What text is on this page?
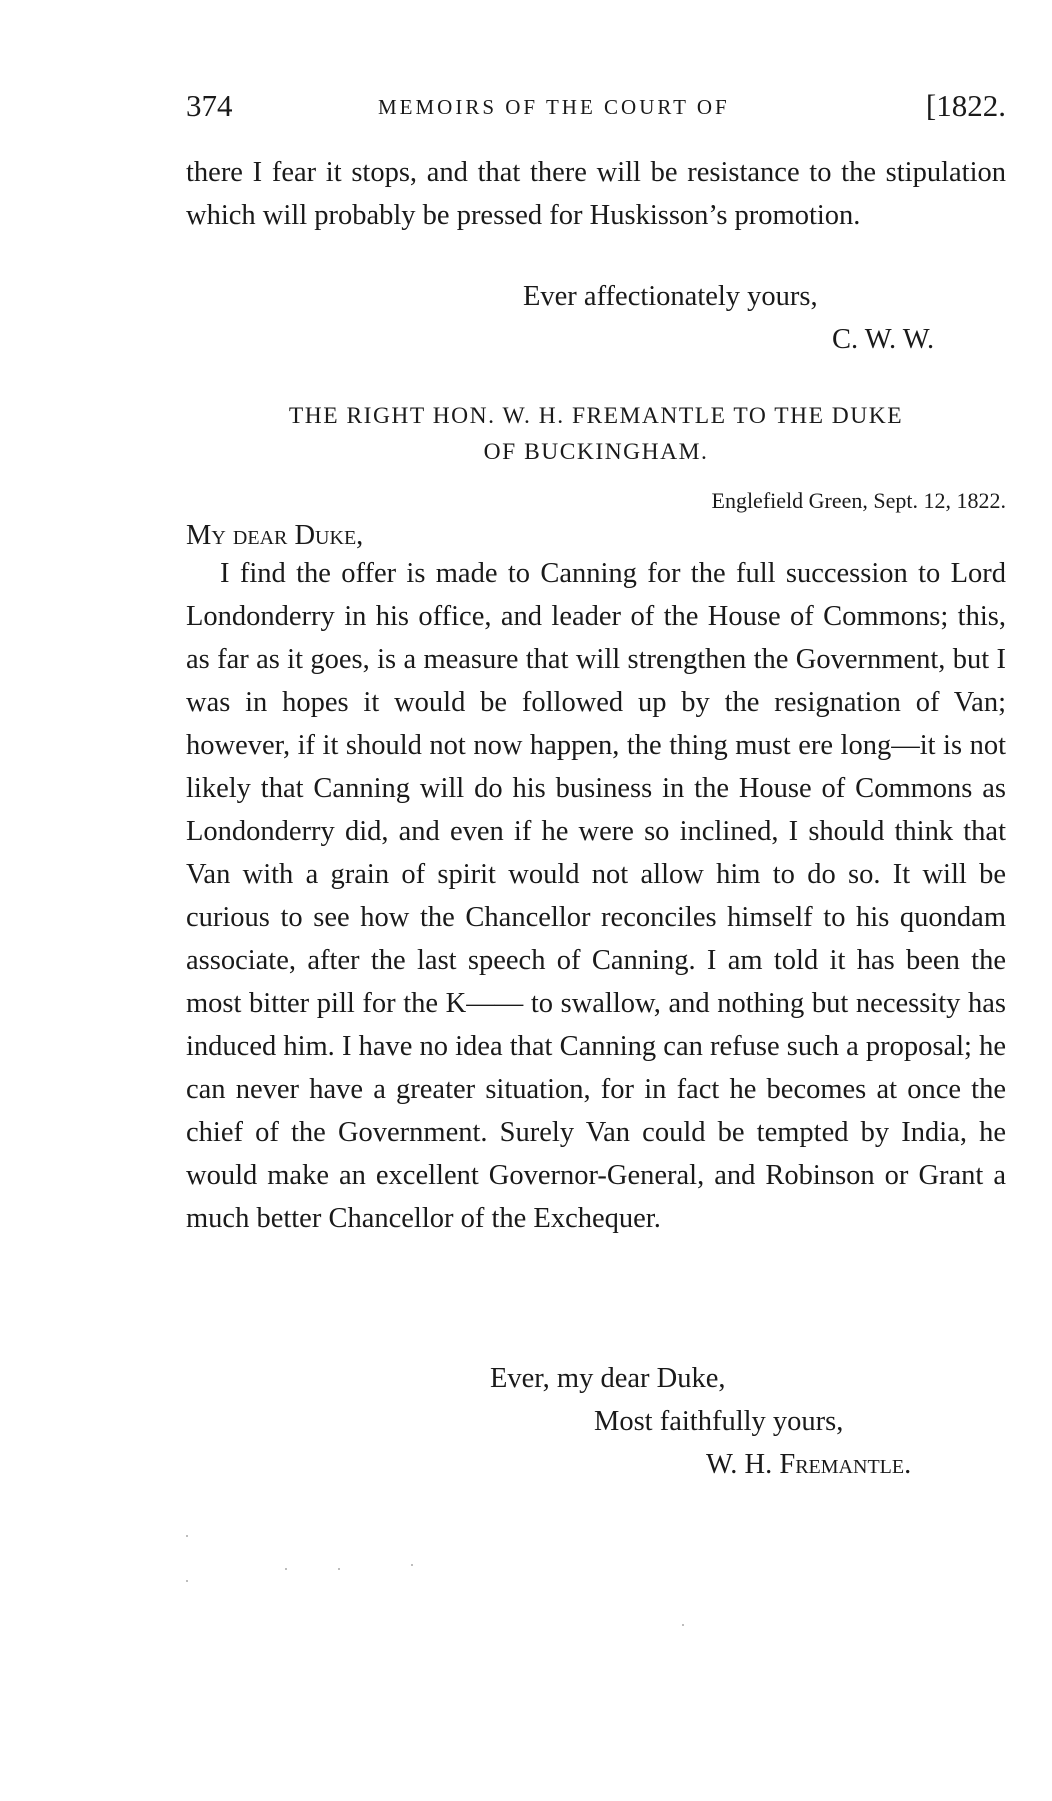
374	MEMOIRS OF THE COURT OF	[1822.
there I fear it stops, and that there will be resistance to the stipulation which will probably be pressed for Huskisson’s promotion.
Ever affectionately yours,
C. W. W.
THE RIGHT HON. W. H. FREMANTLE TO THE DUKE
OF BUCKINGHAM.
Englefield Green, Sept. 12, 1822.
My dear Duke,
I find the offer is made to Canning for the full succession to Lord Londonderry in his office, and leader of the House of Commons; this, as far as it goes, is a measure that will strengthen the Government, but I was in hopes it would be followed up by the resignation of Van; however, if it should not now happen, the thing must ere long—it is not likely that Canning will do his business in the House of Commons as Londonderry did, and even if he were so inclined, I should think that Van with a grain of spirit would not allow him to do so. It will be curious to see how the Chancellor reconciles himself to his quondam associate, after the last speech of Canning. I am told it has been the most bitter pill for the K—— to swallow, and nothing but necessity has induced him. I have no idea that Canning can refuse such a proposal; he can never have a greater situation, for in fact he becomes at once the chief of the Government. Surely Van could be tempted by India, he would make an excellent Governor-General, and Robinson or Grant a much better Chancellor of the Exchequer.
Ever, my dear Duke,
Most faithfully yours,
W. H. Fremantle.
